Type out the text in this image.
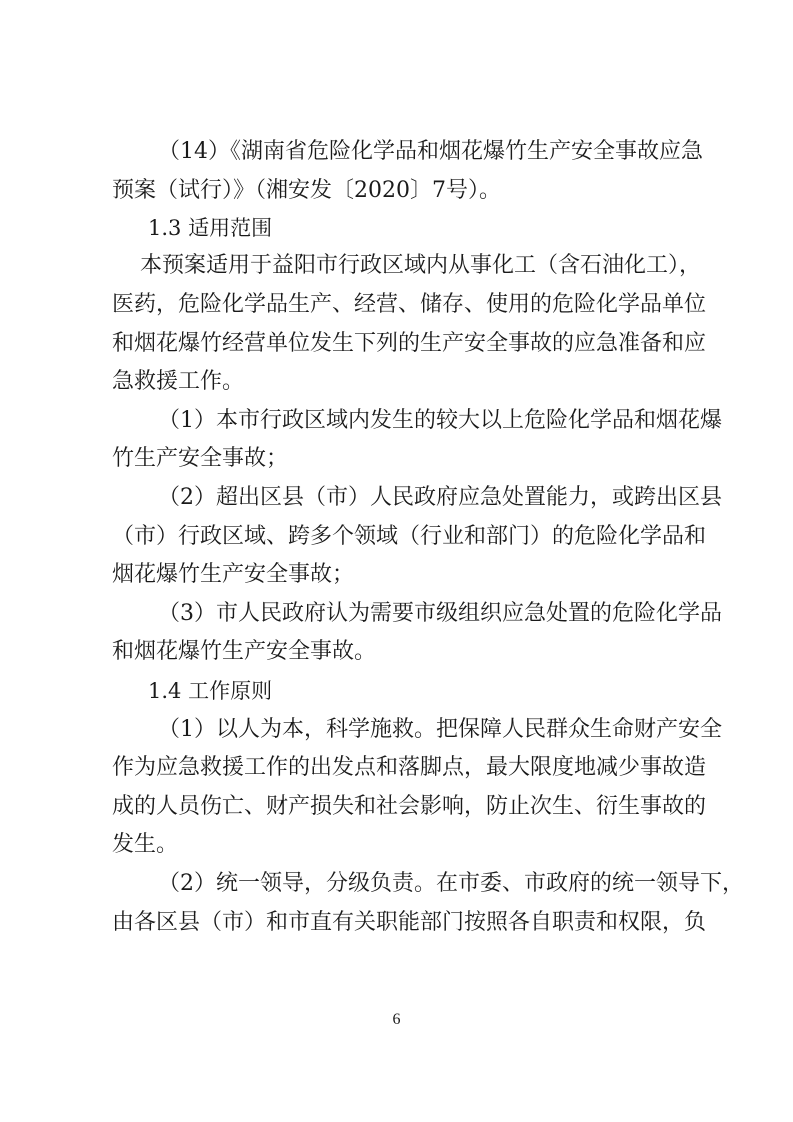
（14）《湖南省危险化学品和烟花爆竹生产安全事故应急
预案（试行）》（湘安发〔2020〕7号）。
1.3 适用范围
本预案适用于益阳市行政区域内从事化工（含石油化工），
医药，危险化学品生产、经营、储存、使用的危险化学品单位
和烟花爆竹经营单位发生下列的生产安全事故的应急准备和应
急救援工作。
（1）本市行政区域内发生的较大以上危险化学品和烟花爆
竹生产安全事故；
（2）超出区县（市）人民政府应急处置能力，或跨出区县
（市）行政区域、跨多个领域（行业和部门）的危险化学品和
烟花爆竹生产安全事故；
（3）市人民政府认为需要市级组织应急处置的危险化学品
和烟花爆竹生产安全事故。
1.4 工作原则
（1）以人为本，科学施救。把保障人民群众生命财产安全
作为应急救援工作的出发点和落脚点，最大限度地减少事故造
成的人员伤亡、财产损失和社会影响，防止次生、衍生事故的
发生。
（2）统一领导，分级负责。在市委、市政府的统一领导下，
由各区县（市）和市直有关职能部门按照各自职责和权限，负
6
